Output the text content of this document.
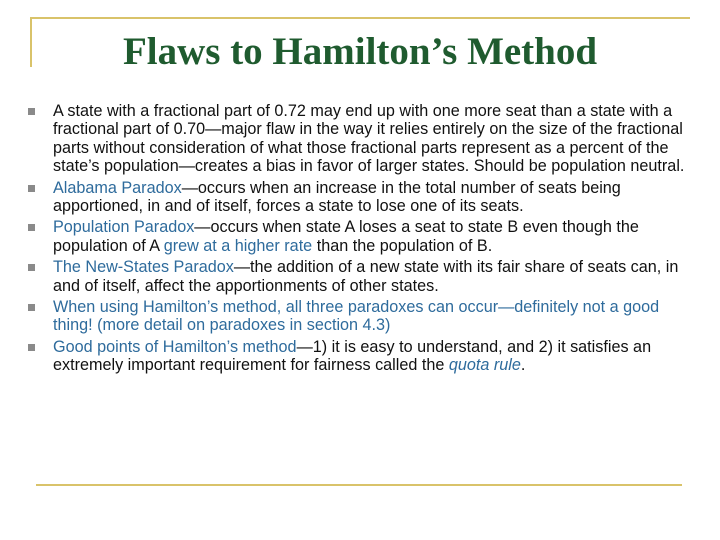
Flaws to Hamilton’s Method
A state with a fractional part of 0.72 may end up with one more seat than a state with a fractional part of 0.70—major flaw in the way it relies entirely on the size of the fractional parts without consideration of what those fractional parts represent as a percent of the state’s population—creates a bias in favor of larger states. Should be population neutral.
Alabama Paradox—occurs when an increase in the total number of seats being apportioned, in and of itself, forces a state to lose one of its seats.
Population Paradox—occurs when state A loses a seat to state B even though the population of A grew at a higher rate than the population of B.
The New-States Paradox—the addition of a new state with its fair share of seats can, in and of itself, affect the apportionments of other states.
When using Hamilton’s method, all three paradoxes can occur—definitely not a good thing! (more detail on paradoxes in section 4.3)
Good points of Hamilton’s method—1) it is easy to understand, and 2) it satisfies an extremely important requirement for fairness called the quota rule.
